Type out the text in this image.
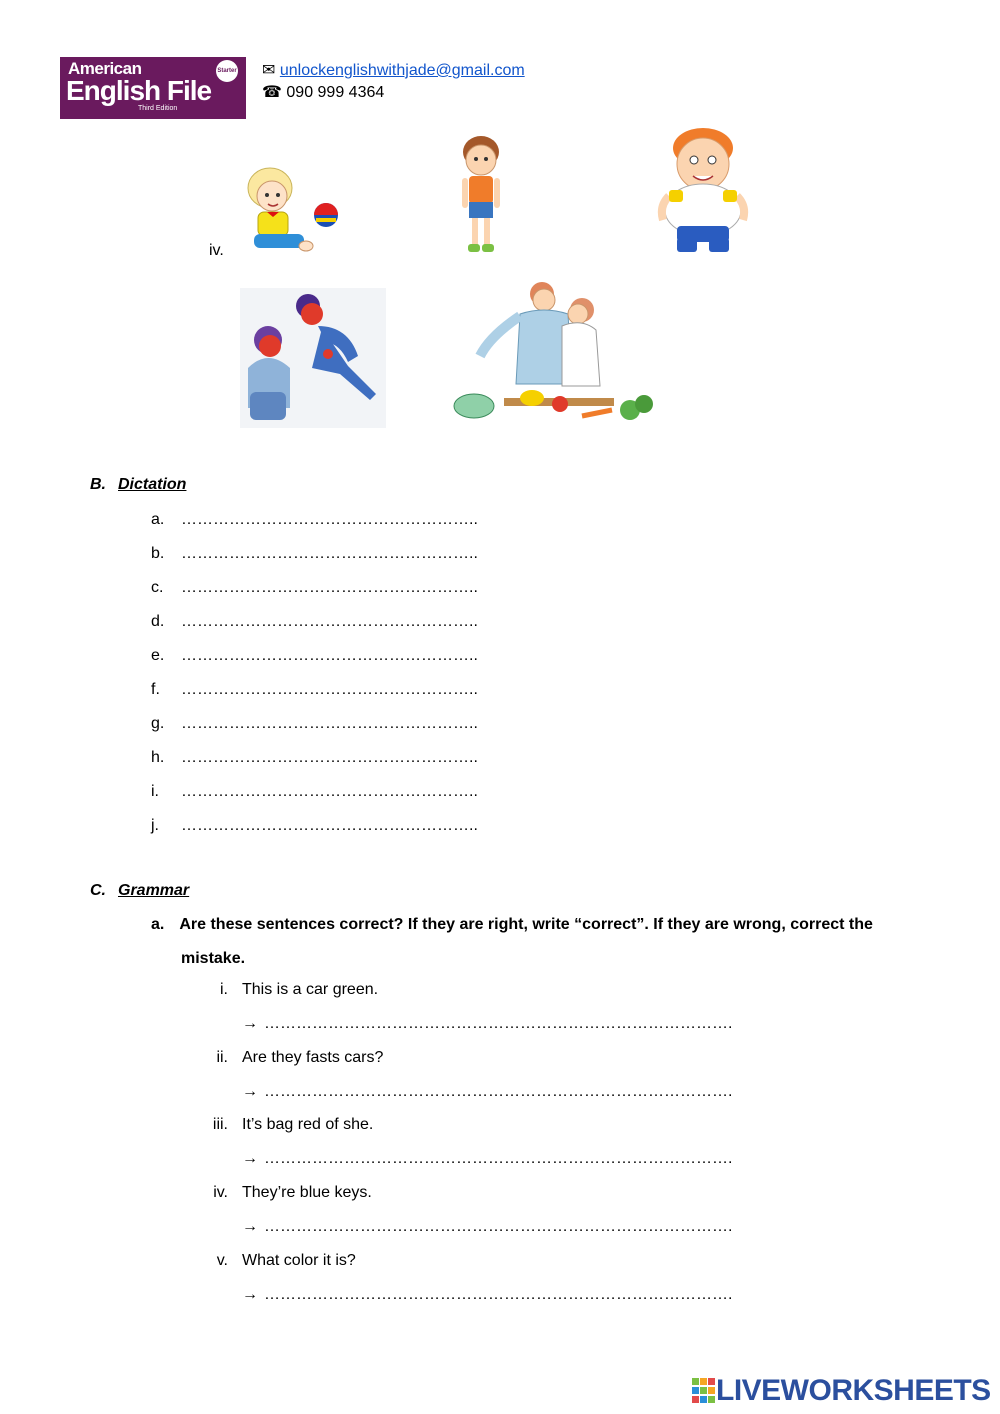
American
English File
Third Edition
Starter ✉ unlockenglishwithjade@gmail.com
☎ 090 999 4364
iv.
B. Dictation
a. ………………………………………………..
b. ………………………………………………..
c. ………………………………………………..
d. ………………………………………………..
e. ………………………………………………..
f. ………………………………………………..
g. ………………………………………………..
h. ………………………………………………..
i. ………………………………………………..
j. ………………………………………………..
C. Grammar
a. Are these sentences correct? If they are right, write “correct”. If they are wrong, correct the
mistake.
i. This is a car green.
→ …………………………………………………………………………….
ii. Are they fasts cars?
→ …………………………………………………………………………….
iii. It’s bag red of she.
→ …………………………………………………………………………….
iv. They’re blue keys.
→ …………………………………………………………………………….
v. What color it is?
→ …………………………………………………………………………….
LIVEWORKSHEETS
